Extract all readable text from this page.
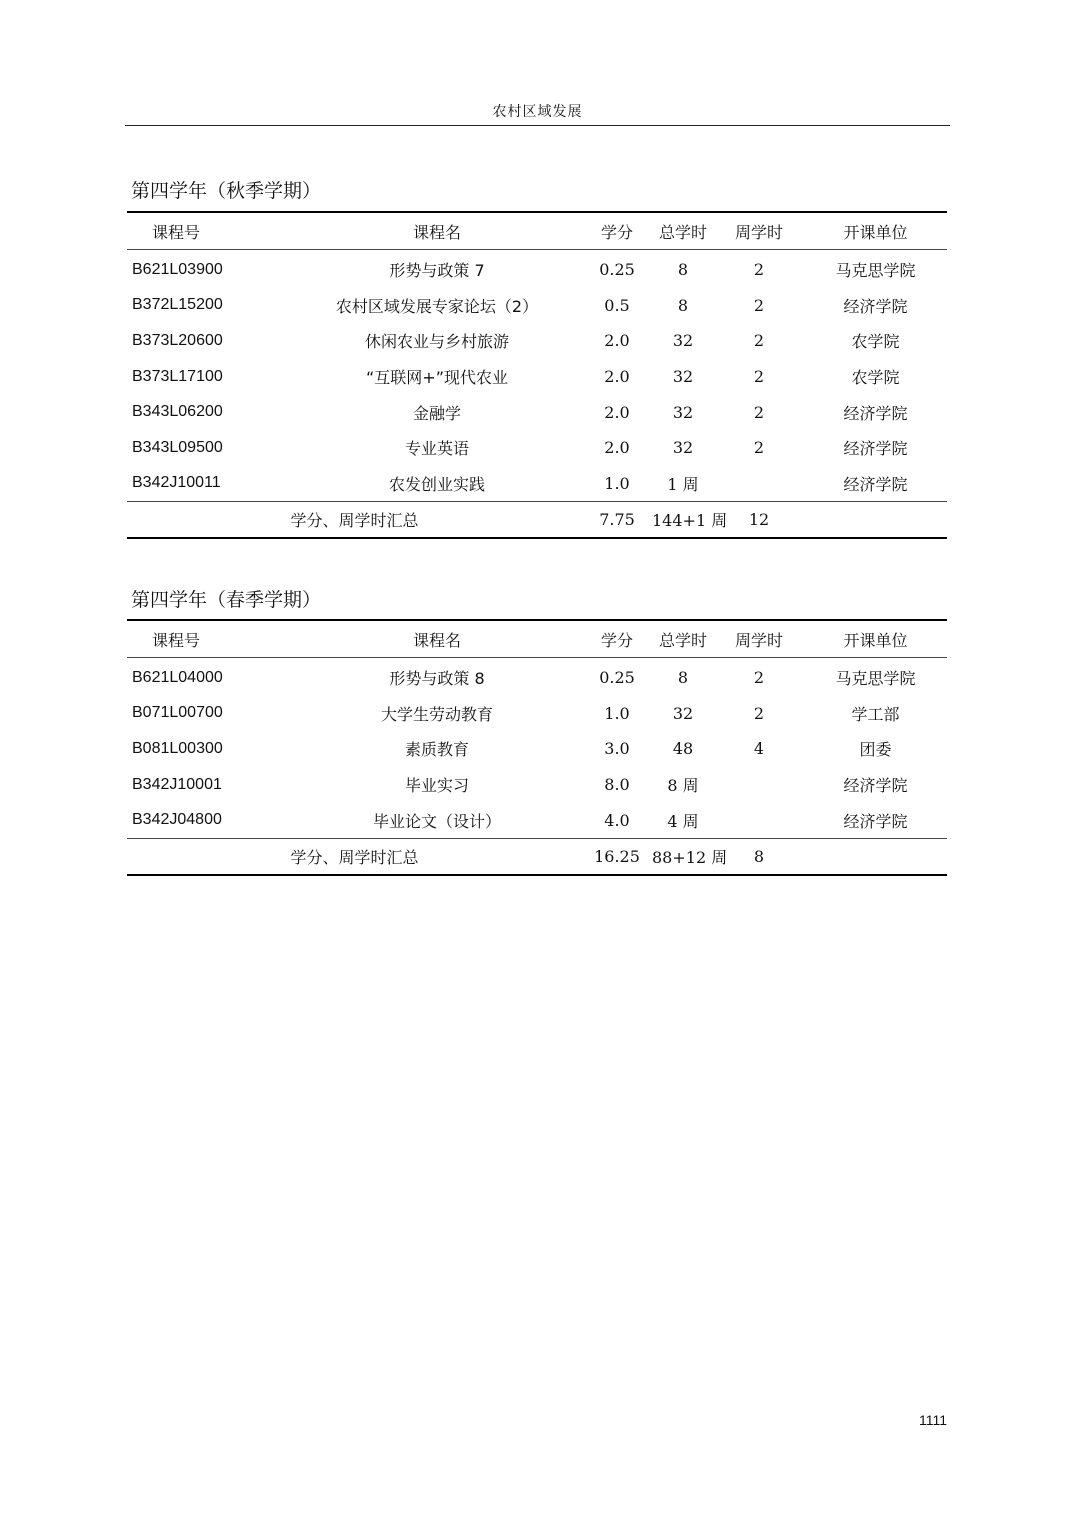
农村区域发展
第四学年（秋季学期）
课程号	课程名	学分	总学时	周学时	开课单位
B621L03900	形势与政策 7	0.25	8	2	马克思学院
B372L15200	农村区域发展专家论坛（2）	0.5	8	2	经济学院
B373L20600	休闲农业与乡村旅游	2.0	32	2	农学院
B373L17100	“互联网+”现代农业	2.0	32	2	农学院
B343L06200	金融学	2.0	32	2	经济学院
B343L09500	专业英语	2.0	32	2	经济学院
B342J10011	农发创业实践	1.0	1 周		经济学院
学分、周学时汇总		7.75	144+1 周	12	
第四学年（春季学期）
课程号	课程名	学分	总学时	周学时	开课单位
B621L04000	形势与政策 8	0.25	8	2	马克思学院
B071L00700	大学生劳动教育	1.0	32	2	学工部
B081L00300	素质教育	3.0	48	4	团委
B342J10001	毕业实习	8.0	8 周		经济学院
B342J04800	毕业论文（设计）	4.0	4 周		经济学院
学分、周学时汇总		16.25	88+12 周	8	
1111
